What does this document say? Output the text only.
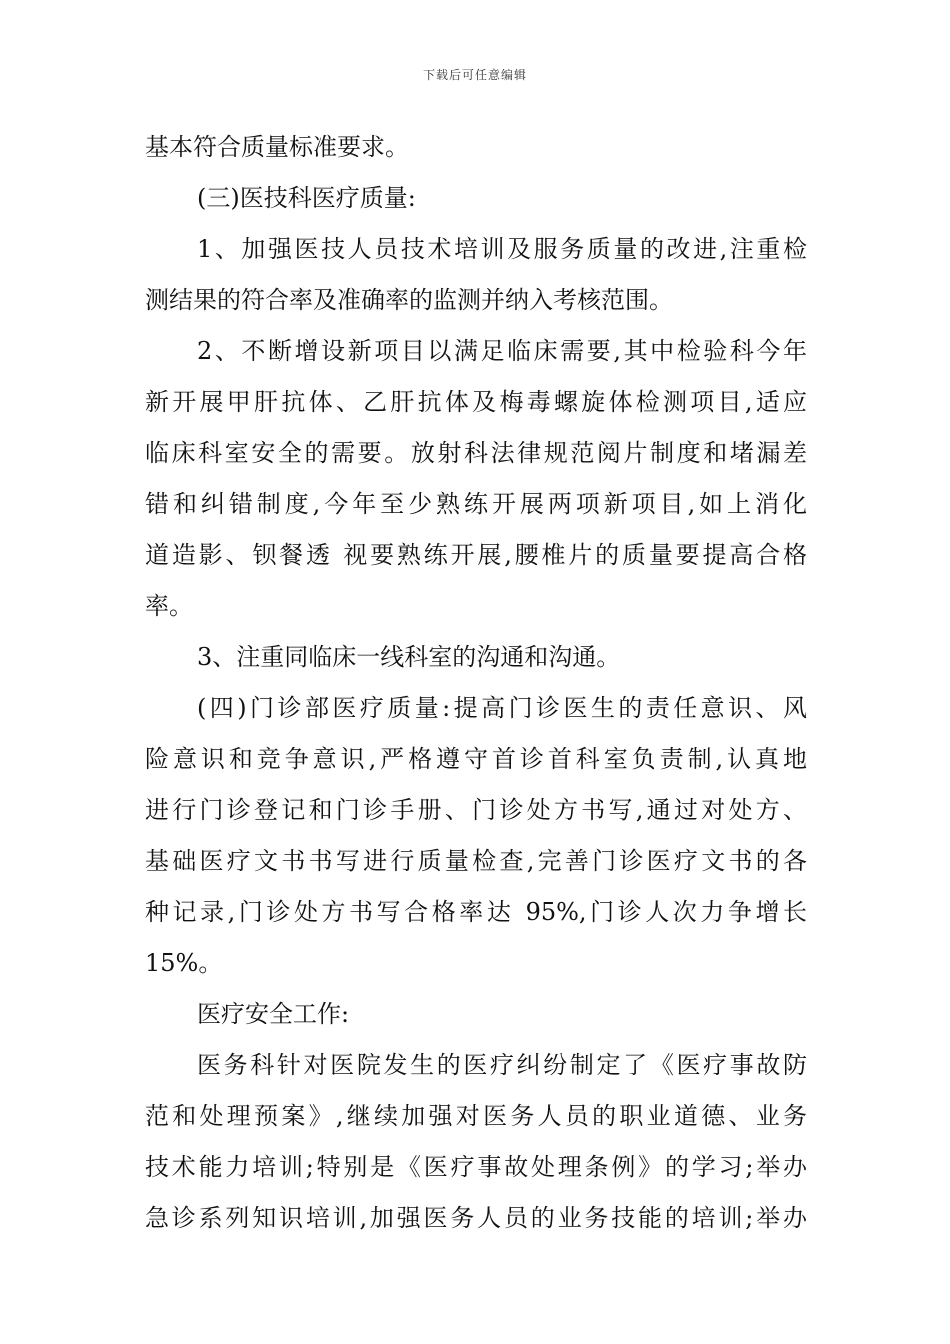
下载后可任意编辑
基本符合质量标准要求。
(三)医技科医疗质量:
1、加强医技人员技术培训及服务质量的改进,注重检
测结果的符合率及准确率的监测并纳入考核范围。
2、不断增设新项目以满足临床需要,其中检验科今年
新开展甲肝抗体、乙肝抗体及梅毒螺旋体检测项目,适应
临床科室安全的需要。放射科法律规范阅片制度和堵漏差
错和纠错制度,今年至少熟练开展两项新项目,如上消化
道造影、钡餐透 视要熟练开展,腰椎片的质量要提高合格
率。
3、注重同临床一线科室的沟通和沟通。
(四)门诊部医疗质量:提高门诊医生的责任意识、风
险意识和竞争意识,严格遵守首诊首科室负责制,认真地
进行门诊登记和门诊手册、门诊处方书写,通过对处方、
基础医疗文书书写进行质量检查,完善门诊医疗文书的各
种记录,门诊处方书写合格率达 95%,门诊人次力争增长
15%。
医疗安全工作:
医务科针对医院发生的医疗纠纷制定了《医疗事故防
范和处理预案》,继续加强对医务人员的职业道德、业务
技术能力培训;特别是《医疗事故处理条例》的学习;举办
急诊系列知识培训,加强医务人员的业务技能的培训;举办
